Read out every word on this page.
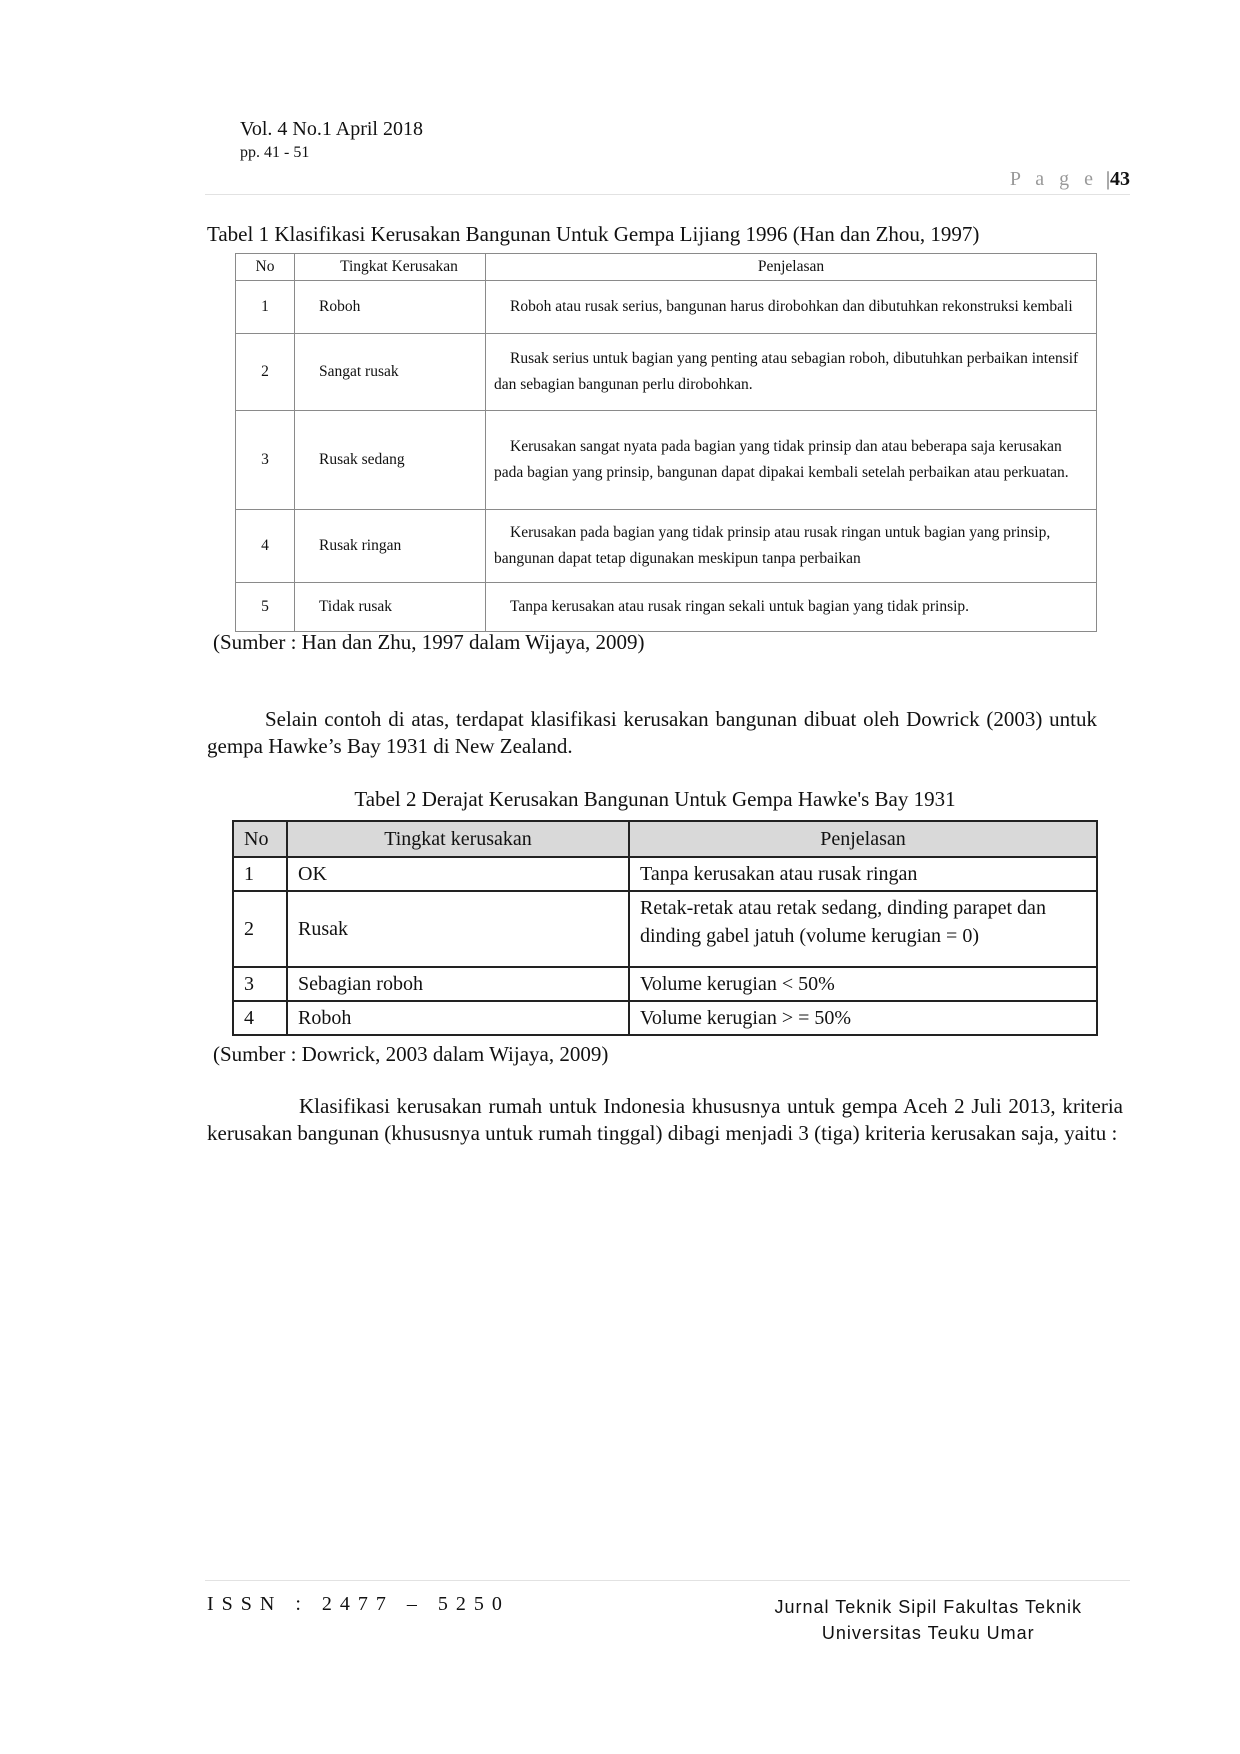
Vol. 4 No.1 April 2018
pp. 41 - 51
P a g e |43
Tabel 1 Klasifikasi Kerusakan Bangunan Untuk Gempa Lijiang 1996 (Han dan Zhou, 1997)
No	Tingkat Kerusakan	Penjelasan
1	Roboh	Roboh atau rusak serius, bangunan harus dirobohkan dan dibutuhkan rekonstruksi kembali
2	Sangat rusak	Rusak serius untuk bagian yang penting atau sebagian roboh, dibutuhkan perbaikan intensif dan sebagian bangunan perlu dirobohkan.
3	Rusak sedang	Kerusakan sangat nyata pada bagian yang tidak prinsip dan atau beberapa saja kerusakan pada bagian yang prinsip, bangunan dapat dipakai kembali setelah perbaikan atau perkuatan.
4	Rusak ringan	Kerusakan pada bagian yang tidak prinsip atau rusak ringan untuk bagian yang prinsip, bangunan dapat tetap digunakan meskipun tanpa perbaikan
5	Tidak rusak	Tanpa kerusakan atau rusak ringan sekali untuk bagian yang tidak prinsip.
(Sumber : Han dan Zhu, 1997 dalam Wijaya, 2009)
Selain contoh di atas, terdapat klasifikasi kerusakan bangunan dibuat oleh Dowrick (2003) untuk gempa Hawke’s Bay 1931 di New Zealand.
Tabel 2 Derajat Kerusakan Bangunan Untuk Gempa Hawke's Bay 1931
No	Tingkat kerusakan	Penjelasan
1	OK	Tanpa kerusakan atau rusak ringan
2	Rusak	Retak-retak atau retak sedang, dinding parapet dan dinding gabel jatuh (volume kerugian = 0)
3	Sebagian roboh	Volume kerugian < 50%
4	Roboh	Volume kerugian > = 50%
(Sumber : Dowrick, 2003 dalam Wijaya, 2009)
Klasifikasi kerusakan rumah untuk Indonesia khususnya untuk gempa Aceh 2 Juli 2013, kriteria kerusakan bangunan (khususnya untuk rumah tinggal) dibagi menjadi 3 (tiga) kriteria kerusakan saja, yaitu :
ISSN : 2477 – 5250	Jurnal Teknik Sipil Fakultas Teknik
Universitas Teuku Umar
